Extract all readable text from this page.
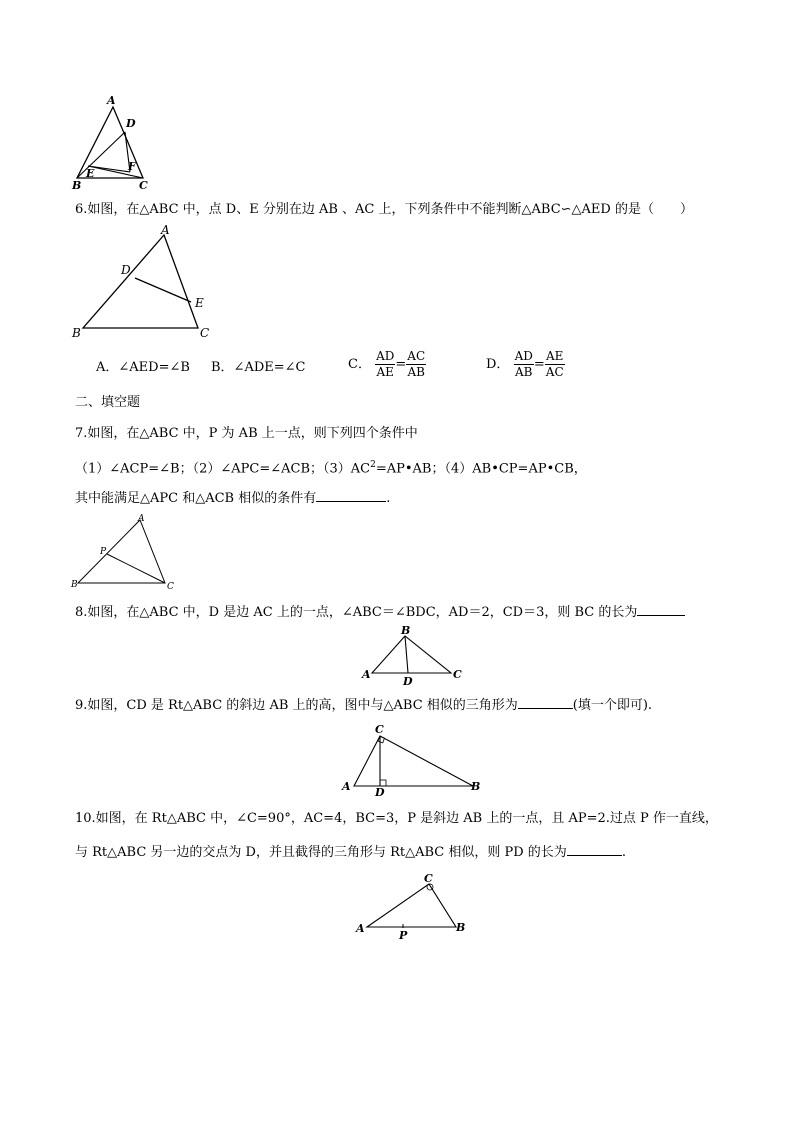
A
D
F
E
B	C
6.如图，在△ABC 中，点 D、E 分别在边 AB 、AC 上，下列条件中不能判断△ABC∽△AED 的是（　　）
A
D
E
B	C
A．∠AED=∠B B．∠ADE=∠C	C． $\frac{AD}{AE} = \frac{AC}{AB}$	D． $\frac{AD}{AB} = \frac{AE}{AC}$
二、填空题
7.如图，在△ABC 中，P 为 AB 上一点，则下列四个条件中
（1）∠ACP=∠B；（2）∠APC=∠ACB；$(3)AC^2=AP•AB$；（4）AB•CP=AP•CB，
其中能满足△APC 和△ACB 相似的条件有	.
A
P
B	C
8.如图，在△ABC 中，D 是边 AC 上的一点，∠ABC＝∠BDC，AD＝2，CD＝3，则 BC 的长为
B
A	C
D
9.如图，CD 是 Rt△ABC 的斜边 AB 上的高，图中与△ABC 相似的三角形为	(填一个即可).
C
A D	B
10.如图，在 Rt△ABC 中，∠C=90°，AC=4，BC=3，P 是斜边 AB 上的一点，且 AP=2.过点 P 作一直线，
与 Rt△ABC 另一边的交点为 D，并且截得的三角形与 Rt△ABC 相似，则 PD 的长为	.
C
A	B
P
